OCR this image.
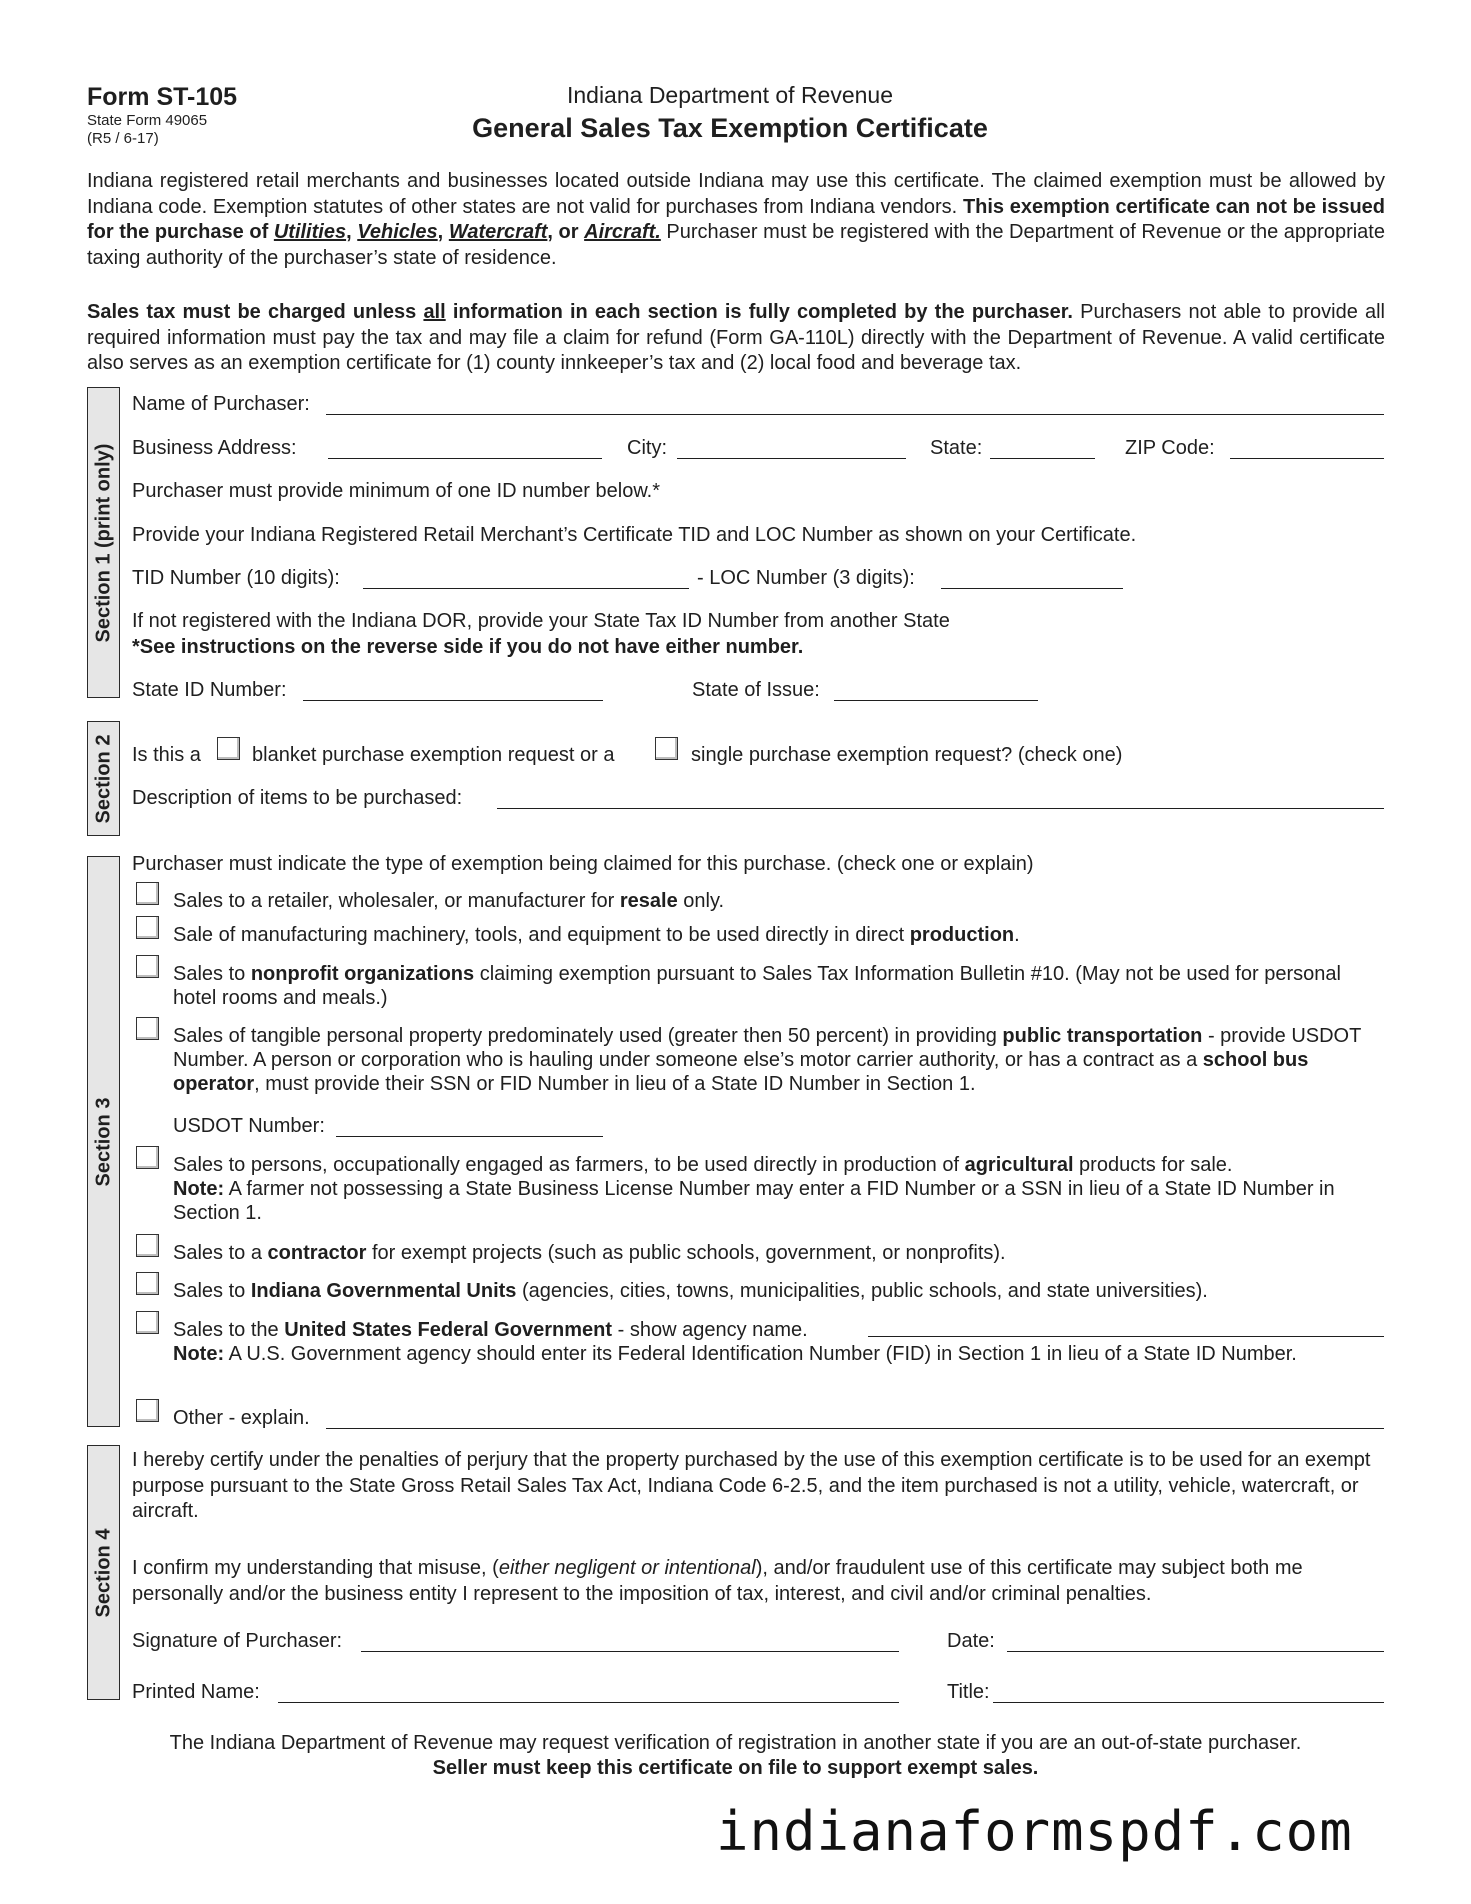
Form ST-105
State Form 49065
(R5 / 6-17)
Indiana Department of Revenue
General Sales Tax Exemption Certificate
Indiana registered retail merchants and businesses located outside Indiana may use this certificate. The claimed exemption must be allowed by Indiana code. Exemption statutes of other states are not valid for purchases from Indiana vendors. This exemption certificate can not be issued for the purchase of Utilities, Vehicles, Watercraft, or Aircraft. Purchaser must be registered with the Department of Revenue or the appropriate taxing authority of the purchaser’s state of residence.
Sales tax must be charged unless all information in each section is fully completed by the purchaser. Purchasers not able to provide all required information must pay the tax and may file a claim for refund (Form GA-110L) directly with the Department of Revenue. A valid certificate also serves as an exemption certificate for (1) county innkeeper’s tax and (2) local food and beverage tax.
Section 1 (print only)
Name of Purchaser:
Business Address:	City:	State:	ZIP Code:
Purchaser must provide minimum of one ID number below.*
Provide your Indiana Registered Retail Merchant’s Certificate TID and LOC Number as shown on your Certificate.
TID Number (10 digits):	- LOC Number (3 digits):
If not registered with the Indiana DOR, provide your State Tax ID Number from another State
*See instructions on the reverse side if you do not have either number.
State ID Number:	State of Issue:
Section 2 Is this a	blanket purchase exemption request or a	single purchase exemption request? (check one)
Description of items to be purchased:
Section 3
Purchaser must indicate the type of exemption being claimed for this purchase. (check one or explain)
Sales to a retailer, wholesaler, or manufacturer for resale only.
Sale of manufacturing machinery, tools, and equipment to be used directly in direct production.
Sales to nonprofit organizations claiming exemption pursuant to Sales Tax Information Bulletin #10. (May not be used for personal hotel rooms and meals.)
Sales of tangible personal property predominately used (greater then 50 percent) in providing public transportation - provide USDOT Number. A person or corporation who is hauling under someone else’s motor carrier authority, or has a contract as a school bus operator, must provide their SSN or FID Number in lieu of a State ID Number in Section 1.
USDOT Number:
Sales to persons, occupationally engaged as farmers, to be used directly in production of agricultural products for sale.
Note: A farmer not possessing a State Business License Number may enter a FID Number or a SSN in lieu of a State ID Number in Section 1.
Sales to a contractor for exempt projects (such as public schools, government, or nonprofits).
Sales to Indiana Governmental Units (agencies, cities, towns, municipalities, public schools, and state universities).
Sales to the United States Federal Government - show agency name.
Note: A U.S. Government agency should enter its Federal Identification Number (FID) in Section 1 in lieu of a State ID Number.
Other - explain.
Section 4
I hereby certify under the penalties of perjury that the property purchased by the use of this exemption certificate is to be used for an exempt purpose pursuant to the State Gross Retail Sales Tax Act, Indiana Code 6-2.5, and the item purchased is not a utility, vehicle, watercraft, or aircraft.
I confirm my understanding that misuse, (either negligent or intentional), and/or fraudulent use of this certificate may subject both me personally and/or the business entity I represent to the imposition of tax, interest, and civil and/or criminal penalties.
Signature of Purchaser:	Date:
Printed Name:	Title:
The Indiana Department of Revenue may request verification of registration in another state if you are an out-of-state purchaser.
Seller must keep this certificate on file to support exempt sales.
indianaformspdf.com
